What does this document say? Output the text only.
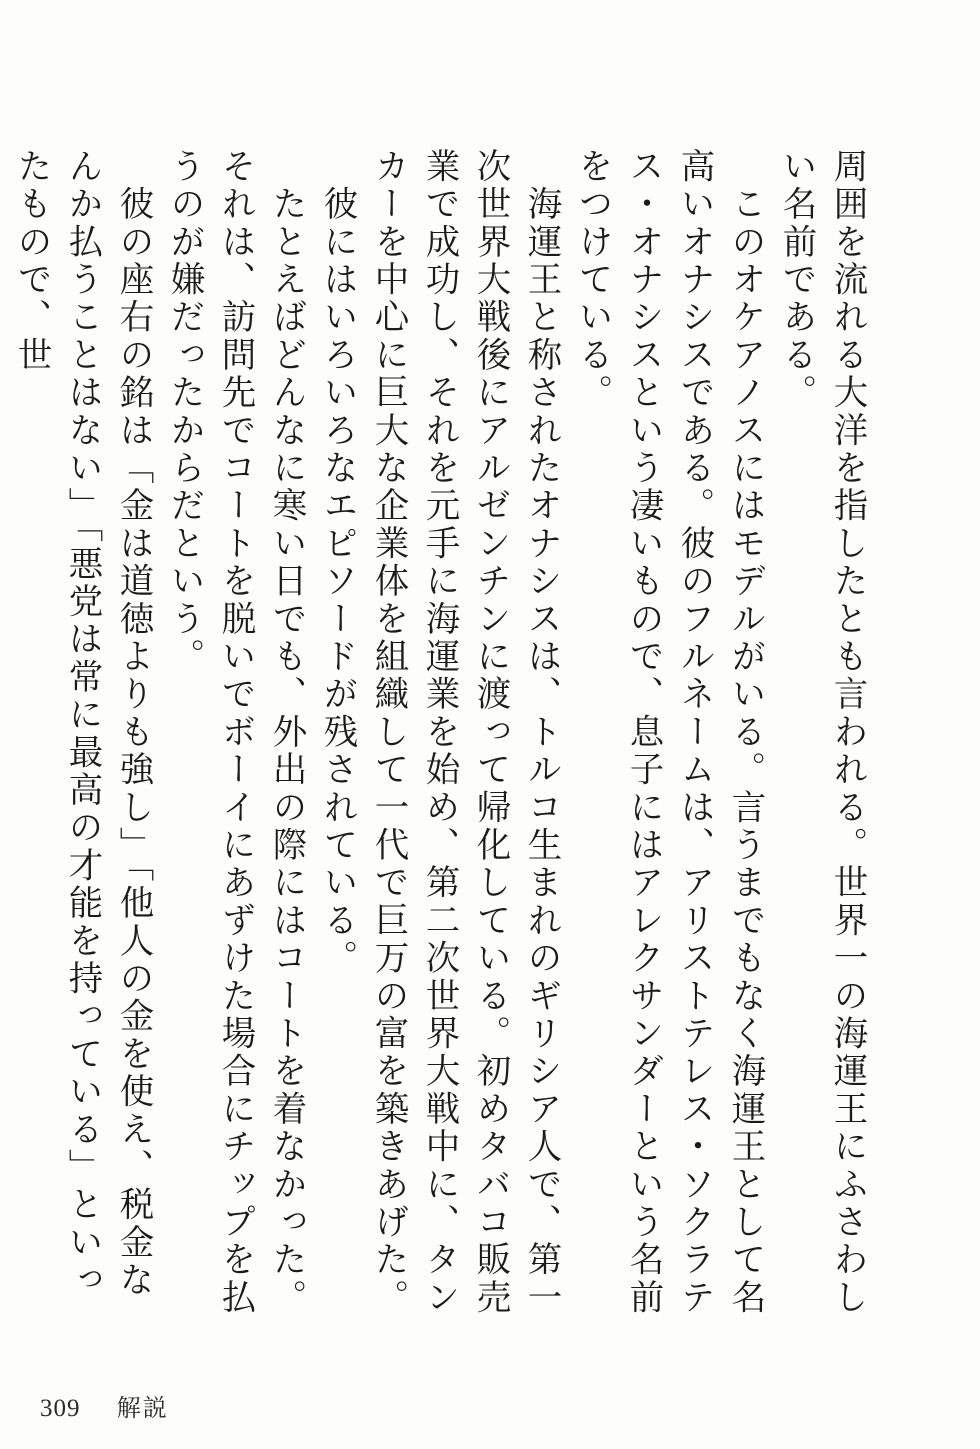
周囲を流れる大洋を指したとも言われる。世界一の海運王にふさわしい名前である。

　このオケアノスにはモデルがいる。言うまでもなく海運王として名高いオナシスである。彼のフルネームは、アリストテレス・ソクラテス・オナシスという凄いもので、息子にはアレクサンダーという名前をつけている。

　海運王と称されたオナシスは、トルコ生まれのギリシア人で、第一次世界大戦後にアルゼンチンに渡って帰化している。初めタバコ販売業で成功し、それを元手に海運業を始め、第二次世界大戦中に、タンカーを中心に巨大な企業体を組織して一代で巨万の富を築きあげた。

　彼にはいろいろなエピソードが残されている。

　たとえばどんなに寒い日でも、外出の際にはコートを着なかった。それは、訪問先でコートを脱いでボーイにあずけた場合にチップを払うのが嫌だったからだという。

　彼の座右の銘は「金は道徳よりも強し」「他人の金を使え、税金なんか払うことはない」「悪党は常に最高の才能を持っている」といったもので、世

309 解説
